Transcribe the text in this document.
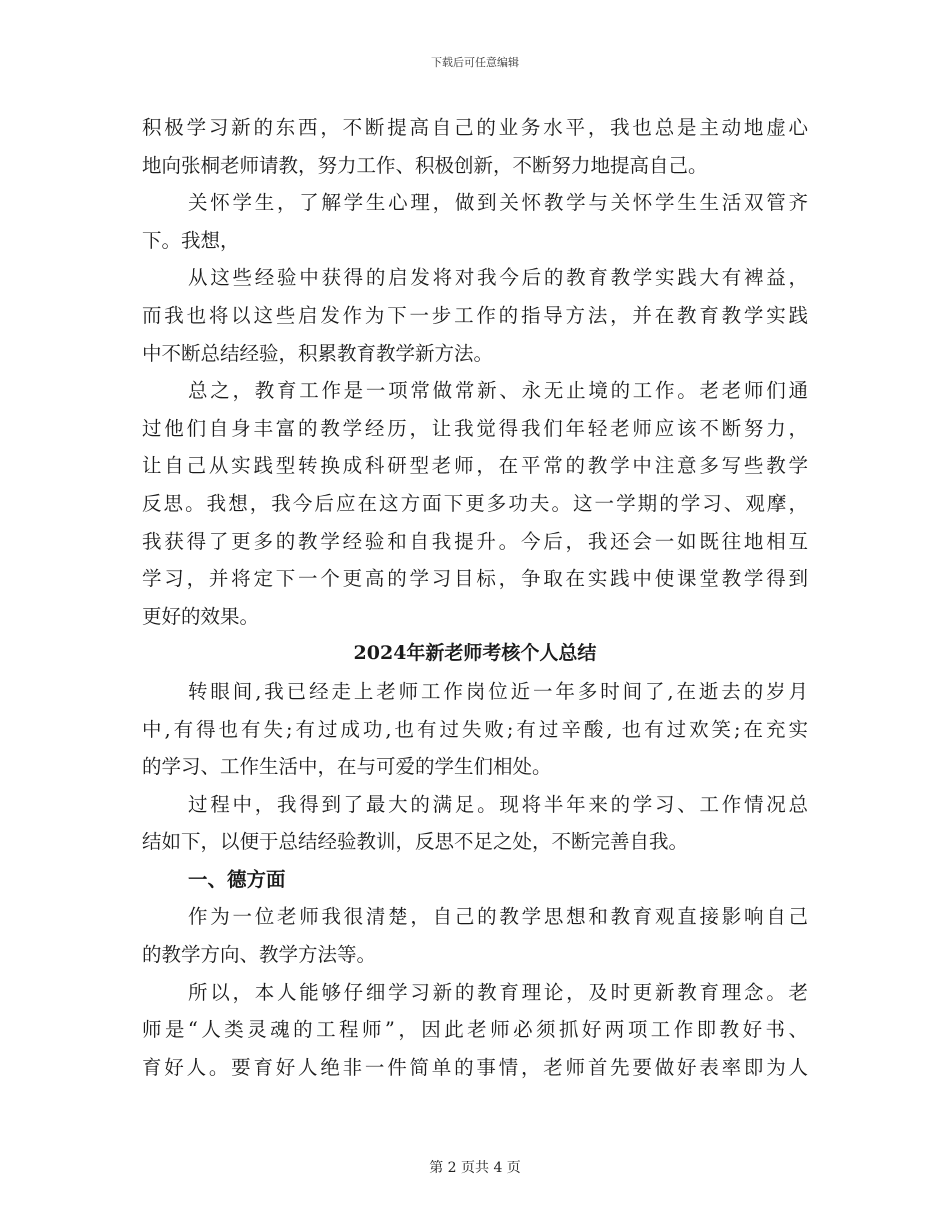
下载后可任意编辑
积极学习新的东西，不断提高自己的业务水平，我也总是主动地虚心
地向张桐老师请教，努力工作、积极创新，不断努力地提高自己。
关怀学生，了解学生心理，做到关怀教学与关怀学生生活双管齐
下。我想，
从这些经验中获得的启发将对我今后的教育教学实践大有裨益，
而我也将以这些启发作为下一步工作的指导方法，并在教育教学实践
中不断总结经验，积累教育教学新方法。
总之，教育工作是一项常做常新、永无止境的工作。老老师们通
过他们自身丰富的教学经历，让我觉得我们年轻老师应该不断努力，
让自己从实践型转换成科研型老师，在平常的教学中注意多写些教学
反思。我想，我今后应在这方面下更多功夫。这一学期的学习、观摩，
我获得了更多的教学经验和自我提升。今后，我还会一如既往地相互
学习，并将定下一个更高的学习目标，争取在实践中使课堂教学得到
更好的效果。
2024年新老师考核个人总结
转眼间,我已经走上老师工作岗位近一年多时间了,在逝去的岁月
中,有得也有失;有过成功,也有过失败;有过辛酸, 也有过欢笑;在充实
的学习、工作生活中，在与可爱的学生们相处。
过程中，我得到了最大的满足。现将半年来的学习、工作情况总
结如下，以便于总结经验教训，反思不足之处，不断完善自我。
一、德方面
作为一位老师我很清楚，自己的教学思想和教育观直接影响自己
的教学方向、教学方法等。
所以，本人能够仔细学习新的教育理论，及时更新教育理念。老
师是“人类灵魂的工程师”，因此老师必须抓好两项工作即教好书、
育好人。要育好人绝非一件简单的事情，老师首先要做好表率即为人
第 2 页共 4 页
